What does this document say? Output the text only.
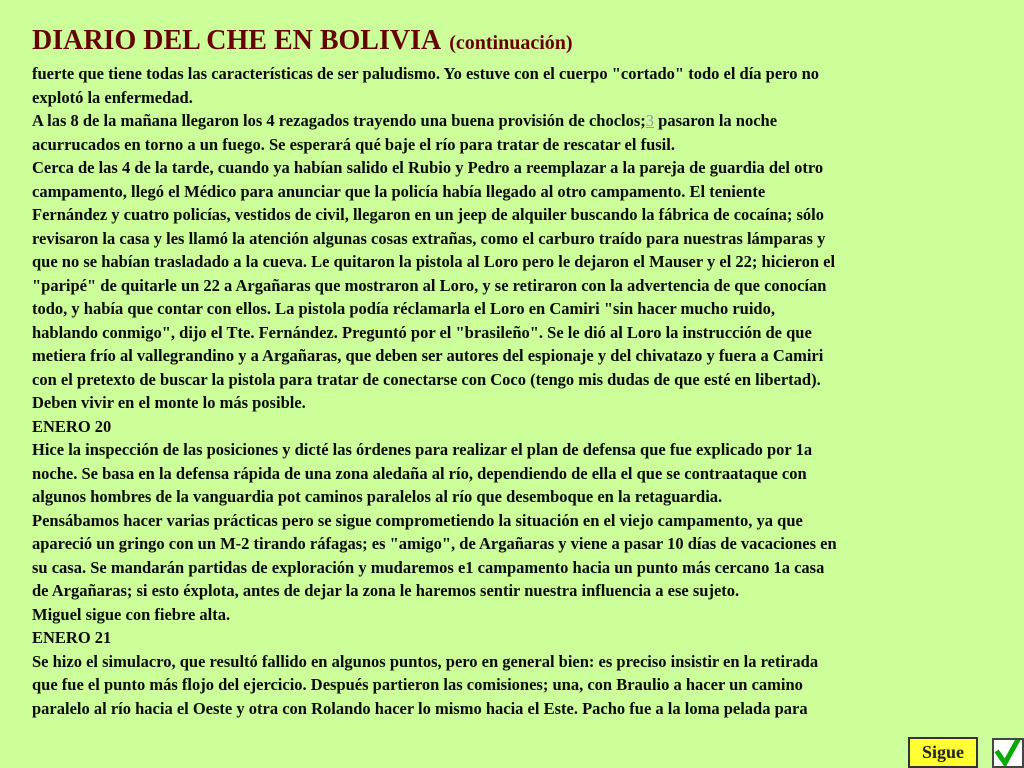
DIARIO DEL CHE EN BOLIVIA (continuación)
fuerte que tiene todas las características de ser paludismo. Yo estuve con el cuerpo "cortado" todo el día pero no
explotó la enfermedad.
A las 8 de la mañana llegaron los 4 rezagados trayendo una buena provisión de choclos;3 pasaron la noche
acurrucados en torno a un fuego. Se esperará qué baje el río para tratar de rescatar el fusil.
Cerca de las 4 de la tarde, cuando ya habían salido el Rubio y Pedro a reemplazar a la pareja de guardia del otro
campamento, llegó el Médico para anunciar que la policía había llegado al otro campamento. El teniente
Fernández y cuatro policías, vestidos de civil, llegaron en un jeep de alquiler buscando la fábrica de cocaína; sólo
revisaron la casa y les llamó la atención algunas cosas extrañas, como el carburo traído para nuestras lámparas y
que no se habían trasladado a la cueva. Le quitaron la pistola al Loro pero le dejaron el Mauser y el 22; hicieron el
"paripé" de quitarle un 22 a Argañaras que mostraron al Loro, y se retiraron con la advertencia de que conocían
todo, y había que contar con ellos. La pistola podía réclamarla el Loro en Camiri "sin hacer mucho ruido,
hablando conmigo", dijo el Tte. Fernández. Preguntó por el "brasileño". Se le dió al Loro la instrucción de que
metiera frío al vallegrandino y a Argañaras, que deben ser autores del espionaje y del chivatazo y fuera a Camiri
con el pretexto de buscar la pistola para tratar de conectarse con Coco (tengo mis dudas de que esté en libertad).
Deben vivir en el monte lo más posible.
ENERO 20
Hice la inspección de las posiciones y dicté las órdenes para realizar el plan de defensa que fue explicado por 1a
noche. Se basa en la defensa rápida de una zona aledaña al río, dependiendo de ella el que se contraataque con
algunos hombres de la vanguardia pot caminos paralelos al río que desemboque en la retaguardia.
Pensábamos hacer varias prácticas pero se sigue comprometiendo la situación en el viejo campamento, ya que
apareció un gringo con un M-2 tirando ráfagas; es "amigo", de Argañaras y viene a pasar 10 días de vacaciones en
su casa. Se mandarán partidas de exploración y mudaremos e1 campamento hacia un punto más cercano 1a casa
de Argañaras; si esto éxplota, antes de dejar la zona le haremos sentir nuestra influencia a ese sujeto.
Miguel sigue con fiebre alta.
ENERO 21
Se hizo el simulacro, que resultó fallido en algunos puntos, pero en general bien: es preciso insistir en la retirada
que fue el punto más flojo del ejercicio. Después partieron las comisiones; una, con Braulio a hacer un camino
paralelo al río hacia el Oeste y otra con Rolando hacer lo mismo hacia el Este. Pacho fue a la loma pelada para
Sigue
